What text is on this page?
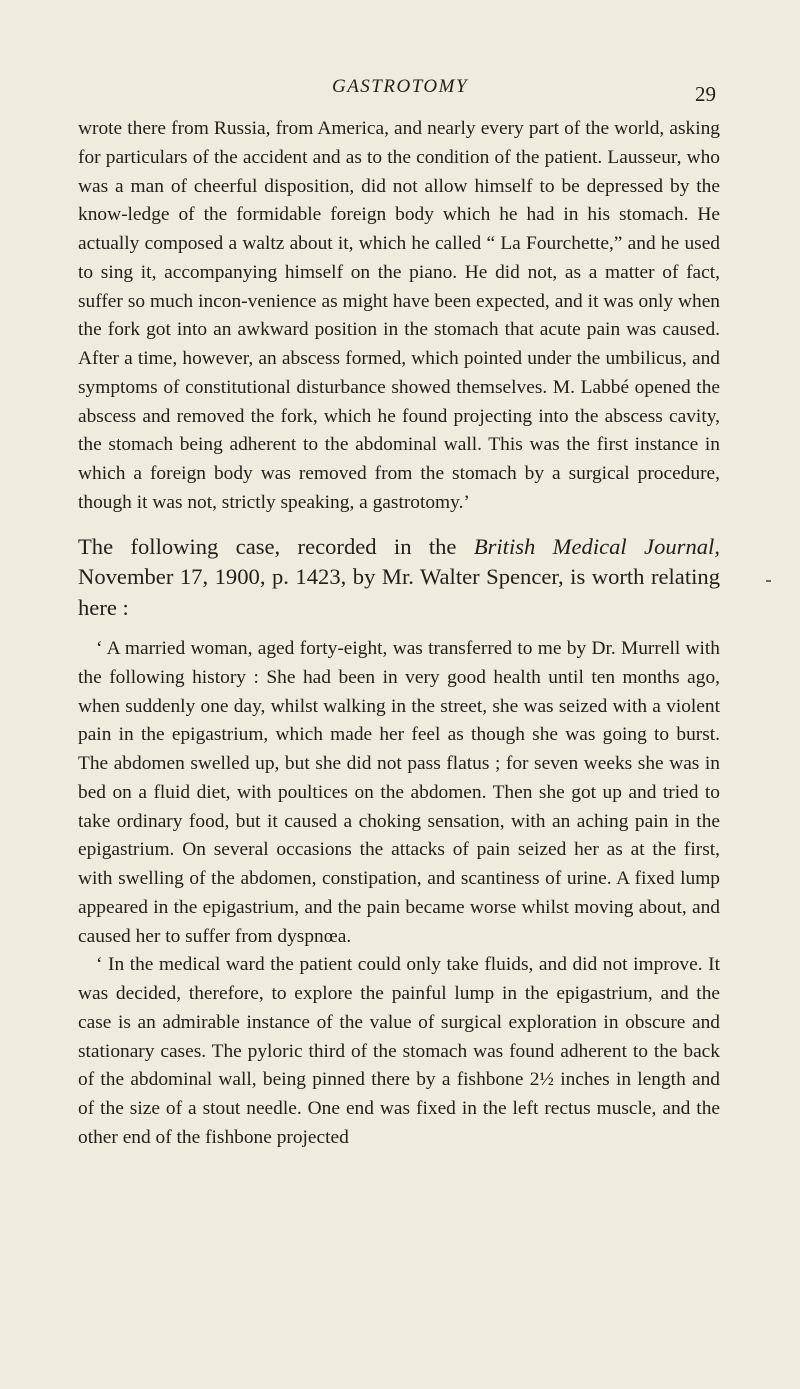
GASTROTOMY	29

wrote there from Russia, from America, and nearly every part of the world, asking for particulars of the accident and as to the condition of the patient. Lausseur, who was a man of cheerful disposition, did not allow himself to be depressed by the know-ledge of the formidable foreign body which he had in his stomach. He actually composed a waltz about it, which he called “ La Fourchette,” and he used to sing it, accompanying himself on the piano. He did not, as a matter of fact, suffer so much incon-venience as might have been expected, and it was only when the fork got into an awkward position in the stomach that acute pain was caused. After a time, however, an abscess formed, which pointed under the umbilicus, and symptoms of constitutional disturbance showed themselves. M. Labbé opened the abscess and removed the fork, which he found projecting into the abscess cavity, the stomach being adherent to the abdominal wall. This was the first instance in which a foreign body was removed from the stomach by a surgical procedure, though it was not, strictly speaking, a gastrotomy.’

The following case, recorded in the British Medical Journal, November 17, 1900, p. 1423, by Mr. Walter Spencer, is worth relating here :

‘ A married woman, aged forty-eight, was transferred to me by Dr. Murrell with the following history : She had been in very good health until ten months ago, when suddenly one day, whilst walking in the street, she was seized with a violent pain in the epigastrium, which made her feel as though she was going to burst. The abdomen swelled up, but she did not pass flatus ; for seven weeks she was in bed on a fluid diet, with poultices on the abdomen. Then she got up and tried to take ordinary food, but it caused a choking sensation, with an aching pain in the epigastrium. On several occasions the attacks of pain seized her as at the first, with swelling of the abdomen, constipation, and scantiness of urine. A fixed lump appeared in the epigastrium, and the pain became worse whilst moving about, and caused her to suffer from dyspnœa.

‘ In the medical ward the patient could only take fluids, and did not improve. It was decided, therefore, to explore the painful lump in the epigastrium, and the case is an admirable instance of the value of surgical exploration in obscure and stationary cases. The pyloric third of the stomach was found adherent to the back of the abdominal wall, being pinned there by a fishbone 2½ inches in length and of the size of a stout needle. One end was fixed in the left rectus muscle, and the other end of the fishbone projected
